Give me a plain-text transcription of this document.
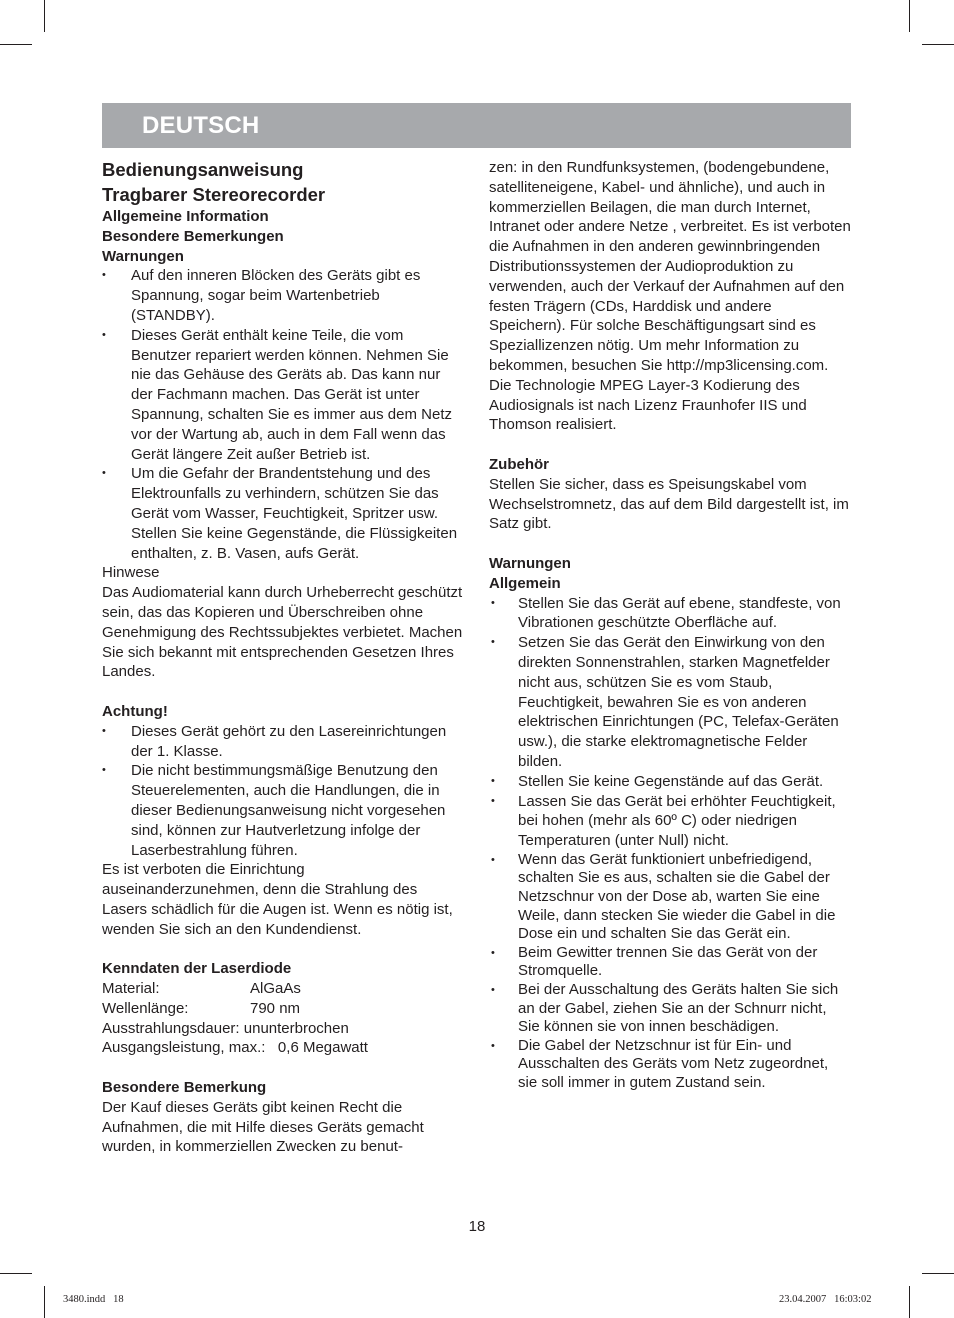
DEUTSCH
Bedienungsanweisung
Tragbarer Stereorecorder
Allgemeine Information
Besondere Bemerkungen
Warnungen
• Auf den inneren Blöcken des Geräts gibt es Spannung, sogar beim Wartenbetrieb (STANDBY).
• Dieses Gerät enthält keine Teile, die vom Benutzer repariert werden können. Nehmen Sie nie das Gehäuse des Geräts ab. Das kann nur der Fachmann machen. Das Gerät ist unter Spannung, schalten Sie es immer aus dem Netz vor der Wartung ab, auch in dem Fall wenn das Gerät längere Zeit außer Betrieb ist.
• Um die Gefahr der Brandentstehung und des Elektrounfalls zu verhindern, schützen Sie das Gerät vom Wasser, Feuchtigkeit, Spritzer usw. Stellen Sie keine Gegenstände, die Flüssigkeiten enthalten, z. B. Vasen, aufs Gerät.
Hinwese
Das Audiomaterial kann durch Urheberrecht geschützt sein, das das Kopieren und Überschreiben ohne Genehmigung des Rechtssubjektes verbietet. Machen Sie sich bekannt mit entsprechenden Gesetzen Ihres Landes.
Achtung!
• Dieses Gerät gehört zu den Lasereinrichtungen der 1. Klasse.
• Die nicht bestimmungsmäßige Benutzung den Steuerelementen, auch die Handlungen, die in dieser Bedienungsanweisung nicht vorgesehen sind, können zur Hautverletzung infolge der Laserbestrahlung führen.
Es ist verboten die Einrichtung auseinanderzunehmen, denn die Strahlung des Lasers schädlich für die Augen ist. Wenn es nötig ist, wenden Sie sich an den Kundendienst.
Kenndaten der Laserdiode
Material:	AlGaAs
Wellenlänge:	790 nm
Ausstrahlungsdauer: ununterbrochen
Ausgangsleistung, max.:   0,6 Megawatt
Besondere Bemerkung
Der Kauf dieses Geräts gibt keinen Recht die Aufnahmen, die mit Hilfe dieses Geräts gemacht wurden, in kommerziellen Zwecken zu benut-
zen: in den Rundfunksystemen, (bodengebundene, satelliteneigene, Kabel- und ähnliche), und auch in kommerziellen Beilagen, die man durch Internet, Intranet oder andere Netze , verbreitet. Es ist verboten die Aufnahmen in den anderen gewinnbringenden Distributionssystemen der Audioproduktion zu verwenden, auch der Verkauf der Aufnahmen auf den festen Trägern (CDs, Harddisk und andere Speichern). Für solche Beschäftigungsart sind es Speziallizenzen nötig. Um mehr Information zu bekommen, besuchen Sie http://mp3licensing.com. Die Technologie MPEG Layer-3 Kodierung des Audiosignals ist nach Lizenz Fraunhofer IIS und Thomson realisiert.
Zubehör
Stellen Sie sicher, dass es Speisungskabel vom Wechselstromnetz, das auf dem Bild dargestellt ist, im Satz gibt.
Warnungen
Allgemein
• Stellen Sie das Gerät auf ebene, standfeste, von Vibrationen geschützte Oberfläche auf.
• Setzen Sie das Gerät den Einwirkung von den direkten Sonnenstrahlen, starken Magnetfelder nicht aus, schützen Sie es vom Staub, Feuchtigkeit, bewahren Sie es von anderen elektrischen Einrichtungen (PC, Telefax-Geräten usw.), die starke elektromagnetische Felder bilden.
• Stellen Sie keine Gegenstände auf das Gerät.
• Lassen Sie das Gerät bei erhöhter Feuchtigkeit, bei hohen (mehr als 60º C) oder niedrigen Temperaturen (unter Null) nicht.
• Wenn das Gerät funktioniert unbefriedigend, schalten Sie es aus, schalten sie die Gabel der Netzschnur von der Dose ab, warten Sie eine Weile, dann stecken Sie wieder die Gabel in die Dose ein und schalten Sie das Gerät ein.
• Beim Gewitter trennen Sie das Gerät von der Stromquelle.
• Bei der Ausschaltung des Geräts halten Sie sich an der Gabel, ziehen Sie an der Schnurr nicht, Sie können sie von innen beschädigen.
• Die Gabel der Netzschnur ist für Ein- und Ausschalten des Geräts vom Netz zugeordnet, sie soll immer in gutem Zustand sein.
18
3480.indd   18	23.04.2007   16:03:02
